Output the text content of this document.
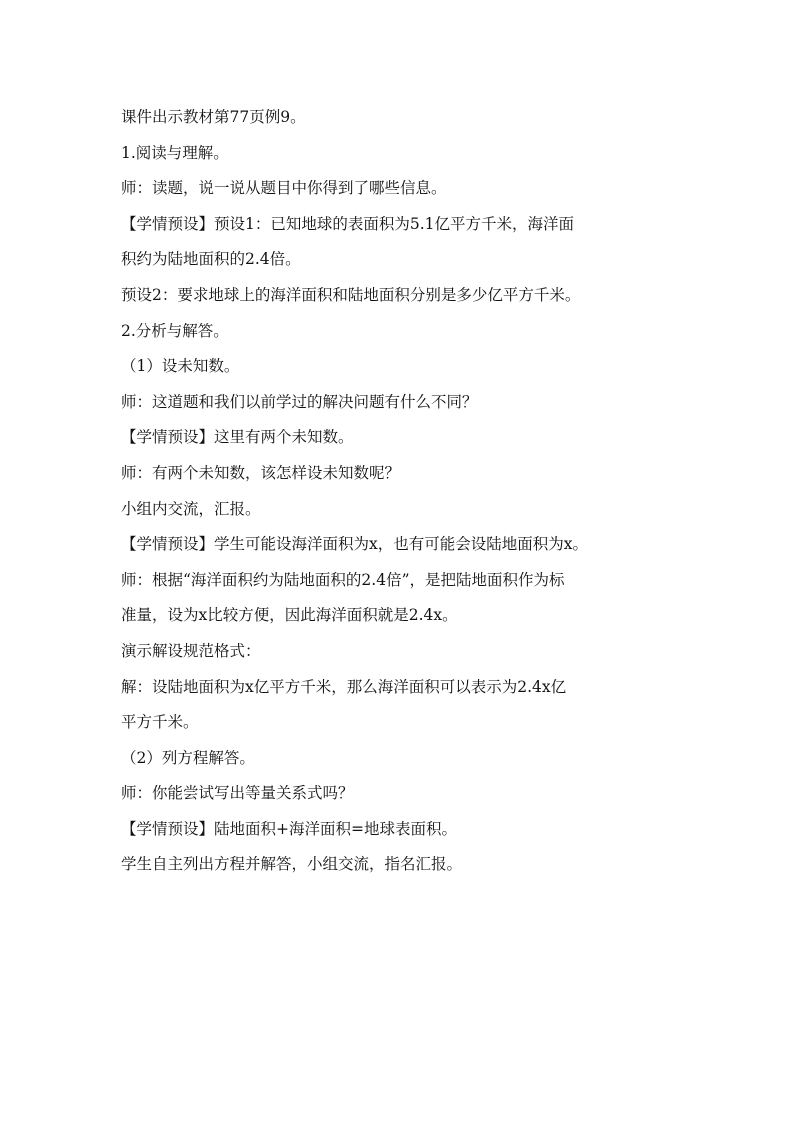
课件出示教材第77页例9。
1.阅读与理解。
师：读题，说一说从题目中你得到了哪些信息。
【学情预设】预设1：已知地球的表面积为5.1亿平方千米，海洋面
积约为陆地面积的2.4倍。
预设2：要求地球上的海洋面积和陆地面积分别是多少亿平方千米。
2.分析与解答。
（1）设未知数。
师：这道题和我们以前学过的解决问题有什么不同？
【学情预设】这里有两个未知数。
师：有两个未知数，该怎样设未知数呢？
小组内交流，汇报。
【学情预设】学生可能设海洋面积为x，也有可能会设陆地面积为x。
师：根据“海洋面积约为陆地面积的2.4倍”，是把陆地面积作为标
准量，设为x比较方便，因此海洋面积就是2.4x。
演示解设规范格式：
解：设陆地面积为x亿平方千米，那么海洋面积可以表示为2.4x亿
平方千米。
（2）列方程解答。
师：你能尝试写出等量关系式吗？
【学情预设】陆地面积+海洋面积=地球表面积。
学生自主列出方程并解答，小组交流，指名汇报。
